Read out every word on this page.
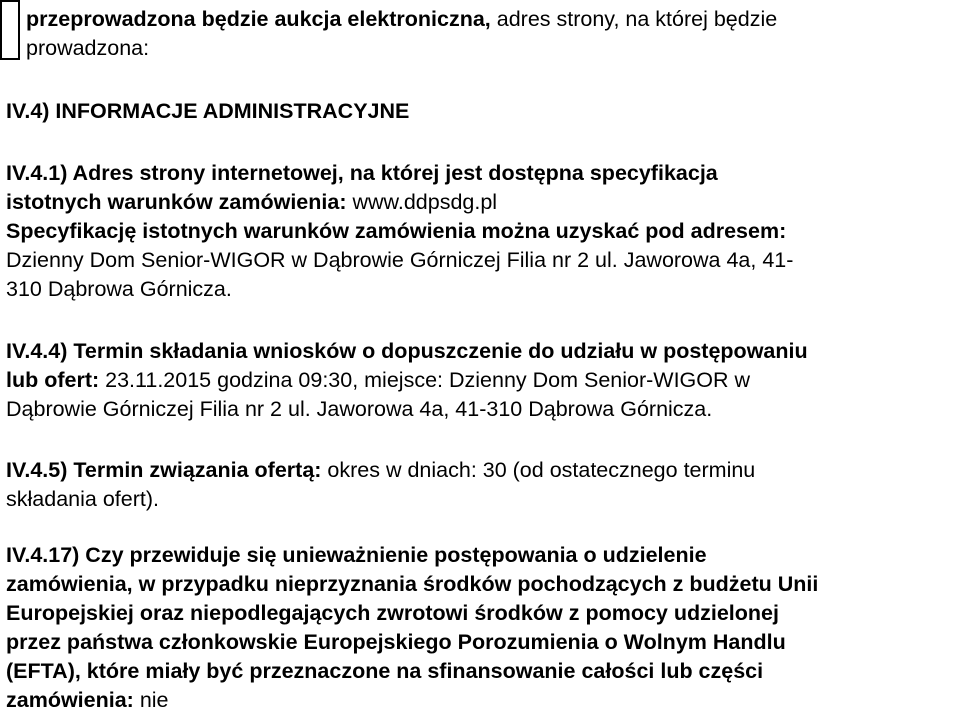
przeprowadzona będzie aukcja elektroniczna, adres strony, na której będzie
prowadzona:
IV.4) INFORMACJE ADMINISTRACYJNE
IV.4.1) Adres strony internetowej, na której jest dostępna specyfikacja
istotnych warunków zamówienia: www.ddpsdg.pl
Specyfikację istotnych warunków zamówienia można uzyskać pod adresem:
Dzienny Dom Senior-WIGOR w Dąbrowie Górniczej Filia nr 2 ul. Jaworowa 4a, 41-
310 Dąbrowa Górnicza.
IV.4.4) Termin składania wniosków o dopuszczenie do udziału w postępowaniu
lub ofert: 23.11.2015 godzina 09:30, miejsce: Dzienny Dom Senior-WIGOR w
Dąbrowie Górniczej Filia nr 2 ul. Jaworowa 4a, 41-310 Dąbrowa Górnicza.
IV.4.5) Termin związania ofertą: okres w dniach: 30 (od ostatecznego terminu
składania ofert).
IV.4.17) Czy przewiduje się unieważnienie postępowania o udzielenie
zamówienia, w przypadku nieprzyznania środków pochodzących z budżetu Unii
Europejskiej oraz niepodlegających zwrotowi środków z pomocy udzielonej
przez państwa członkowskie Europejskiego Porozumienia o Wolnym Handlu
(EFTA), które miały być przeznaczone na sfinansowanie całości lub części
zamówienia: nie
